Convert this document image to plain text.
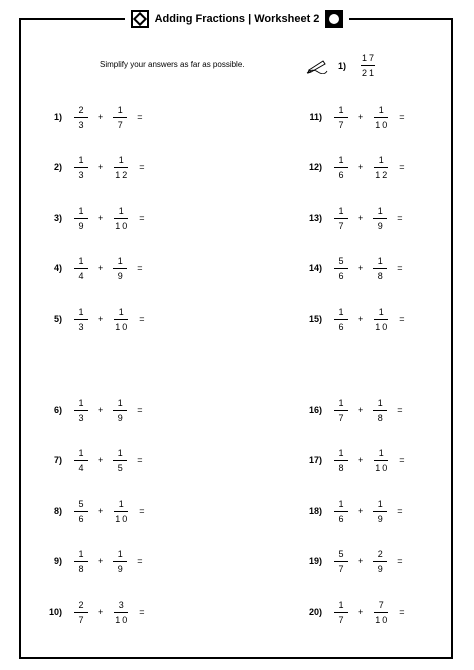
Adding Fractions | Worksheet 2
Simplify your answers as far as possible.	$1) \frac{17}{21}$
$1) \frac{2}{3} + \frac{1}{7}$ =
$2) \frac{1}{3} + \frac{1}{12}$ =
$3) \frac{1}{9} + \frac{1}{10}$ =
$4) \frac{1}{4} + \frac{1}{9}$ =
$5) \frac{1}{3} + \frac{1}{10}$ =
$6) \frac{1}{3} + \frac{1}{9}$ =
$7) \frac{1}{4} + \frac{1}{5}$ =
$8) \frac{5}{6} + \frac{1}{10}$ =
$9) \frac{1}{8} + \frac{1}{9}$ =
$10) \frac{2}{7} + \frac{3}{10}$ =
$11) \frac{1}{7} + \frac{1}{10}$ =
$12) \frac{1}{6} + \frac{1}{12}$ =
$13) \frac{1}{7} + \frac{1}{9}$ =
$14) \frac{5}{6} + \frac{1}{8}$ =
$15) \frac{1}{6} + \frac{1}{10}$ =
$16) \frac{1}{7} + \frac{1}{8}$ =
$17) \frac{1}{8} + \frac{1}{10}$ =
$18) \frac{1}{6} + \frac{1}{9}$ =
$19) \frac{5}{7} + \frac{2}{9}$ =
$20) \frac{1}{7} + \frac{7}{10}$ =
